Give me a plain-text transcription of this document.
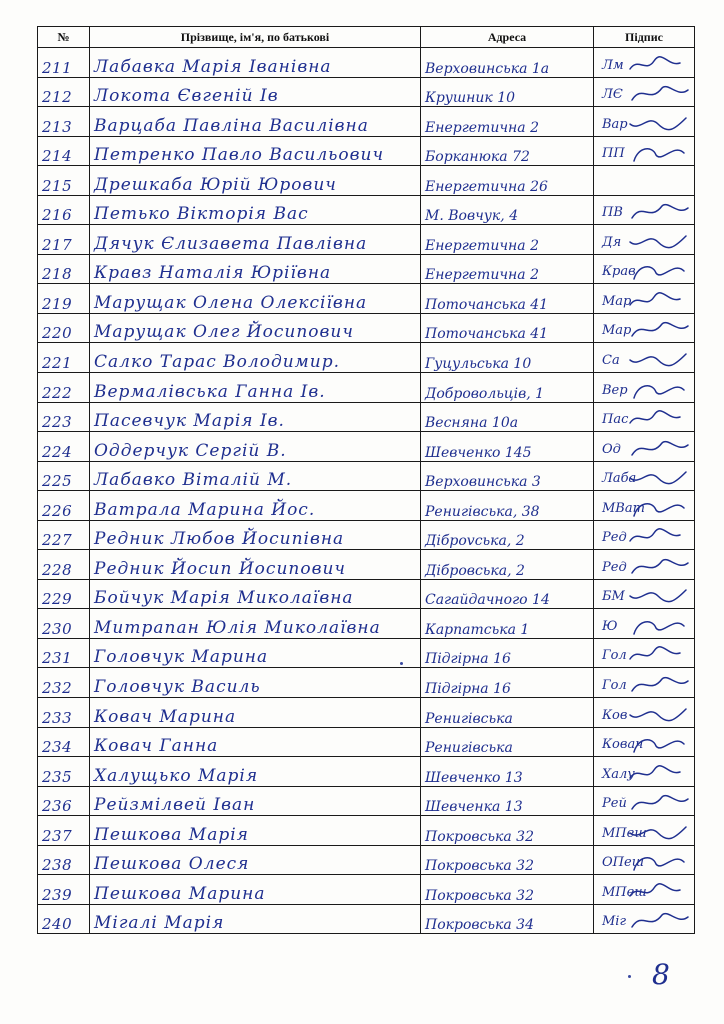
№	Прізвище, ім'я, по батькові	Адреса	Підпис
211	Лабавка Марія Іванівна	Верховинська 1а	Лм

212	Локота Євгеній Ів	Крушник 10	ЛЄ

213	Варцаба Павліна Василівна	Енергетична 2	Вар

214	Петренко Павло Васильович	Борканюка 72	ПП

215	Дрешкаба Юрій Юрович	Енергетична 26	
216	Петько Вікторія Вас	М. Вовчук, 4	ПВ

217	Дячук Єлизавета Павлівна	Енергетична 2	Дя

218	Кравз Наталія Юріївна	Енергетична 2	Крав

219	Марущак Олена Олексіївна	Поточанська 41	Мар

220	Марущак Олег Йосипович	Поточанська 41	Мар

221	Салко Тарас Володимир.	Гуцульська 10	Са

222	Вермалівська Ганна Ів.	Добровольців, 1	Вер

223	Пасевчук Марія Ів.	Весняна 10а	Пас

224	Оддерчук Сергій В.	Шевченко 145	Од

225	Лабавко Віталій М.	Верховинська 3	Лаба

226	Ватрала Марина Йос.	Ренигівська, 38	МВат

227	Редник Любов Йосипівна	Діброvська, 2	Ред

228	Редник Йосип Йосипович	Дібровська, 2	Ред

229	Бойчук Марія Миколаївна	Сагайдачного 14	БМ

230	Митрапан Юлія Миколаївна	Карпатська 1	Ю

231	Головчук Марина	Підгірна 16	Гол

232	Головчук Василь	Підгірна 16	Гол

233	Ковач Марина	Ренигівська	Ков

234	Ковач Ганна	Ренигівська	Ковач

235	Халущько Марія	Шевченко 13	Халу

236	Рейзмілвей Іван	Шевченка 13	Рей

237	Пешкова Марія	Покровська 32	МПеш

238	Пешкова Олеся	Покровська 32	ОПеш

239	Пешкова Марина	Покровська 32	МПеш

240	Мігалі Марія	Покровська 34	Міг
8
